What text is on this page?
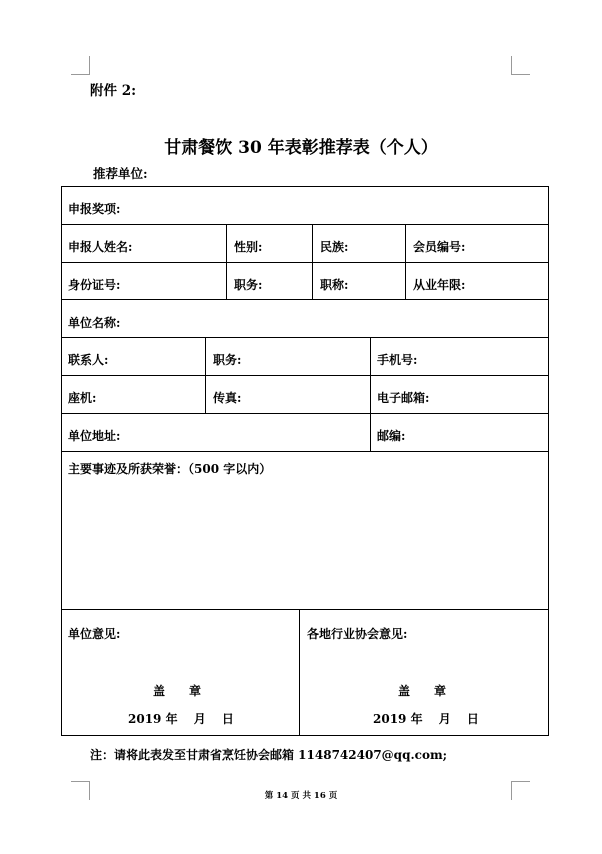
附件 2:
甘肃餐饮 30 年表彰推荐表（个人）
推荐单位:
申报奖项:
申报人姓名:	性别:	民族:	会员编号:
身份证号:	职务:	职称:	从业年限:
单位名称:
联系人:	职务:	手机号:
座机:	传真:	电子邮箱:
单位地址:	邮编:
主要事迹及所获荣誉：（500 字以内）
单位意见:	各地行业协会意见:
盖　　章	盖　　章
2019 年　 月　 日	2019 年　 月　 日
注：请将此表发至甘肃省烹饪协会邮箱 1148742407@qq.com;
第 14 页 共 16 页
